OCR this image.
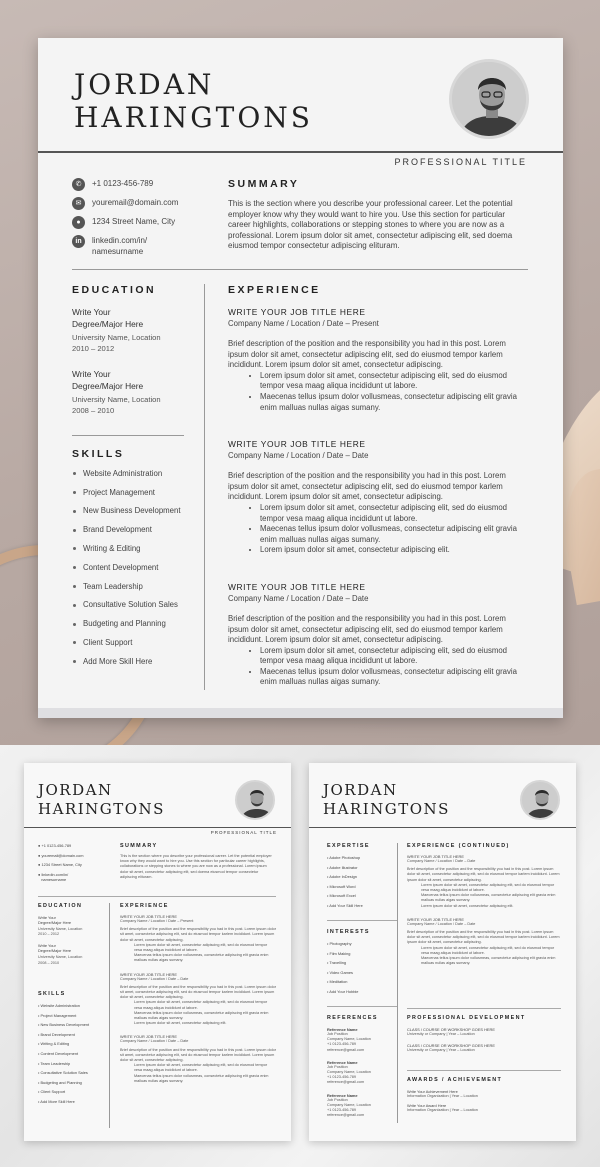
JORDAN
HARINGTONS
PROFESSIONAL TITLE
✆	+1 0123-456-789
✉	youremail@domain.com
●	1234 Street Name, City
in	linkedin.com/in/
namesurname
SUMMARY

This is the section where you describe your professional career. Let the potential employer know why they would want to hire you. Use this section for particular career highlights, collaborations or stepping stones to where you are now as a professional. Lorem ipsum dolor sit amet, consectetur adipiscing elit, sed doema eiusmod tempor consectetur adipiscing elituram.

EDUCATION
Write Your
Degree/Major Here
University Name, Location
2010 – 2012
Write Your
Degree/Major Here
University Name, Location
2008 – 2010
SKILLS
Website Administration
Project Management
New Business Development
Brand Development
Writing & Editing
Content Development
Team Leadership
Consultative Solution Sales
Budgeting and Planning
Client Support
Add More Skill Here
EXPERIENCE
WRITE YOUR JOB TITLE HERE
Company Name / Location / Date – Present
Brief description of the position and the responsibility you had in this post. Lorem ipsum dolor sit amet, consectetur adipiscing elit, sed do eiusmod tempor karlem incididunt. Lorem ipsum dolor sit amet, consectetur adipiscing.
• Lorem ipsum dolor sit amet, consectetur adipiscing elit, sed do eiusmod tempor vesa maag aliqua incididunt ut labore.
• Maecenas tellus ipsum dolor vollusmeas, consectetur adipiscing elit gravia enim malluas nullas aigas sumany.
WRITE YOUR JOB TITLE HERE
Company Name / Location / Date – Date
Brief description of the position and the responsibility you had in this post. Lorem ipsum dolor sit amet, consectetur adipiscing elit, sed do eiusmod tempor karlem incididunt. Lorem ipsum dolor sit amet, consectetur adipiscing.
• Lorem ipsum dolor sit amet, consectetur adipiscing elit, sed do eiusmod tempor vesa maag aliqua incididunt ut labore.
• Maecenas tellus ipsum dolor vollusmeas, consectetur adipiscing elit gravia enim malluas nullas aigas sumany.
• Lorem ipsum dolor sit amet, consectetur adipiscing elit.
WRITE YOUR JOB TITLE HERE
Company Name / Location / Date – Date
Brief description of the position and the responsibility you had in this post. Lorem ipsum dolor sit amet, consectetur adipiscing elit, sed do eiusmod tempor karlem incididunt. Lorem ipsum dolor sit amet, consectetur adipiscing.
• Lorem ipsum dolor sit amet, consectetur adipiscing elit, sed do eiusmod tempor vesa maag aliqua incididunt ut labore.
• Maecenas tellus ipsum dolor vollusmeas, consectetur adipiscing elit gravia enim malluas nullas aigas sumany.
JORDAN
HARINGTONS
PROFESSIONAL TITLE
● +1 0123-456-789
● youremail@domain.com
● 1234 Street Name, City
● linkedin.com/in/
namesurname
SUMMARY
This is the section where you describe your professional career. Let the potential employer know why they would want to hire you. Use this section for particular career highlights, collaborations or stepping stones to where you are now as a professional. Lorem ipsum dolor sit amet, consectetur adipiscing elit, sed doema eiusmod tempor consectetur adipiscing elituram.
EDUCATION
Write Your
Degree/Major Here
University Name, Location
2010 – 2012
Write Your
Degree/Major Here
University Name, Location
2008 – 2010
SKILLS
• Website Administration
• Project Management
• New Business Development
• Brand Development
• Writing & Editing
• Content Development
• Team Leadership
• Consultative Solution Sales
• Budgeting and Planning
• Client Support
• Add More Skill Here
EXPERIENCE
WRITE YOUR JOB TITLE HERE
Company Name / Location / Date – Present
Brief description of the position and the responsibility you had in this post. Lorem ipsum dolor sit amet, consectetur adipiscing elit, sed do eiusmod tempor karlem incididunt. Lorem ipsum dolor sit amet, consectetur adipiscing.
Lorem ipsum dolor sit amet, consectetur adipiscing elit, sed do eiusmod tempor vesa maag aliqua incididunt ut labore.
Maecenas tellus ipsum dolor vollusmeas, consectetur adipiscing elit gravia enim malluas nullas aigas sumany.
WRITE YOUR JOB TITLE HERE
Company Name / Location / Date – Date
Brief description of the position and the responsibility you had in this post. Lorem ipsum dolor sit amet, consectetur adipiscing elit, sed do eiusmod tempor karlem incididunt. Lorem ipsum dolor sit amet, consectetur adipiscing.
Lorem ipsum dolor sit amet, consectetur adipiscing elit, sed do eiusmod tempor vesa maag aliqua incididunt ut labore.
Maecenas tellus ipsum dolor vollusmeas, consectetur adipiscing elit gravia enim malluas nullas aigas sumany.
Lorem ipsum dolor sit amet, consectetur adipiscing elit.
WRITE YOUR JOB TITLE HERE
Company Name / Location / Date – Date
Brief description of the position and the responsibility you had in this post. Lorem ipsum dolor sit amet, consectetur adipiscing elit, sed do eiusmod tempor karlem incididunt. Lorem ipsum dolor sit amet, consectetur adipiscing.
Lorem ipsum dolor sit amet, consectetur adipiscing elit, sed do eiusmod tempor vesa maag aliqua incididunt ut labore.
Maecenas tellus ipsum dolor vollusmeas, consectetur adipiscing elit gravia enim malluas nullas aigas sumany.
JORDAN
HARINGTONS
EXPERTISE
• Adobe Photoshop
• Adobe Illustrator
• Adobe InDesign
• Microsoft Word
• Microsoft Excel
• Add Your Skill Here
INTERESTS
• Photography
• Film Making
• Travelling
• Video Games
• Meditation
• Add Your Hobbie
REFERENCES
Reference Name
Job Position
Company Name, Location
+1 0123-456-789
reference@gmail.com
Reference Name
Job Position
Company Name, Location
+1 0123-456-789
reference@gmail.com
Reference Name
Job Position
Company Name, Location
+1 0123-456-789
reference@gmail.com
EXPERIENCE (CONTINUED)
WRITE YOUR JOB TITLE HERE
Company Name / Location / Date – Date
Brief description of the position and the responsibility you had in this post. Lorem ipsum dolor sit amet, consectetur adipiscing elit, sed do eiusmod tempor karlem incididunt. Lorem ipsum dolor sit amet, consectetur adipiscing.
Lorem ipsum dolor sit amet, consectetur adipiscing elit, sed do eiusmod tempor vesa maag aliqua incididunt ut labore.
Maecenas tellus ipsum dolor vollusmeas, consectetur adipiscing elit gravia enim malluas nullas aigas sumany.
Lorem ipsum dolor sit amet, consectetur adipiscing elit.
WRITE YOUR JOB TITLE HERE
Company Name / Location / Date – Date
Brief description of the position and the responsibility you had in this post. Lorem ipsum dolor sit amet, consectetur adipiscing elit, sed do eiusmod tempor karlem incididunt. Lorem ipsum dolor sit amet, consectetur adipiscing.
Lorem ipsum dolor sit amet, consectetur adipiscing elit, sed do eiusmod tempor vesa maag aliqua incididunt ut labore.
Maecenas tellus ipsum dolor vollusmeas, consectetur adipiscing elit gravia enim malluas nullas aigas sumany.
PROFESSIONAL DEVELOPMENT
CLASS / COURSE OR WORKSHOP GOES HERE
University or Company | Year – Location
CLASS / COURSE OR WORKSHOP GOES HERE
University or Company | Year – Location
AWARDS / ACHIEVEMENT
Write Your Achievement Here
Information Organization | Year – Location
Write Your Award Here
Information Organization | Year – Location
